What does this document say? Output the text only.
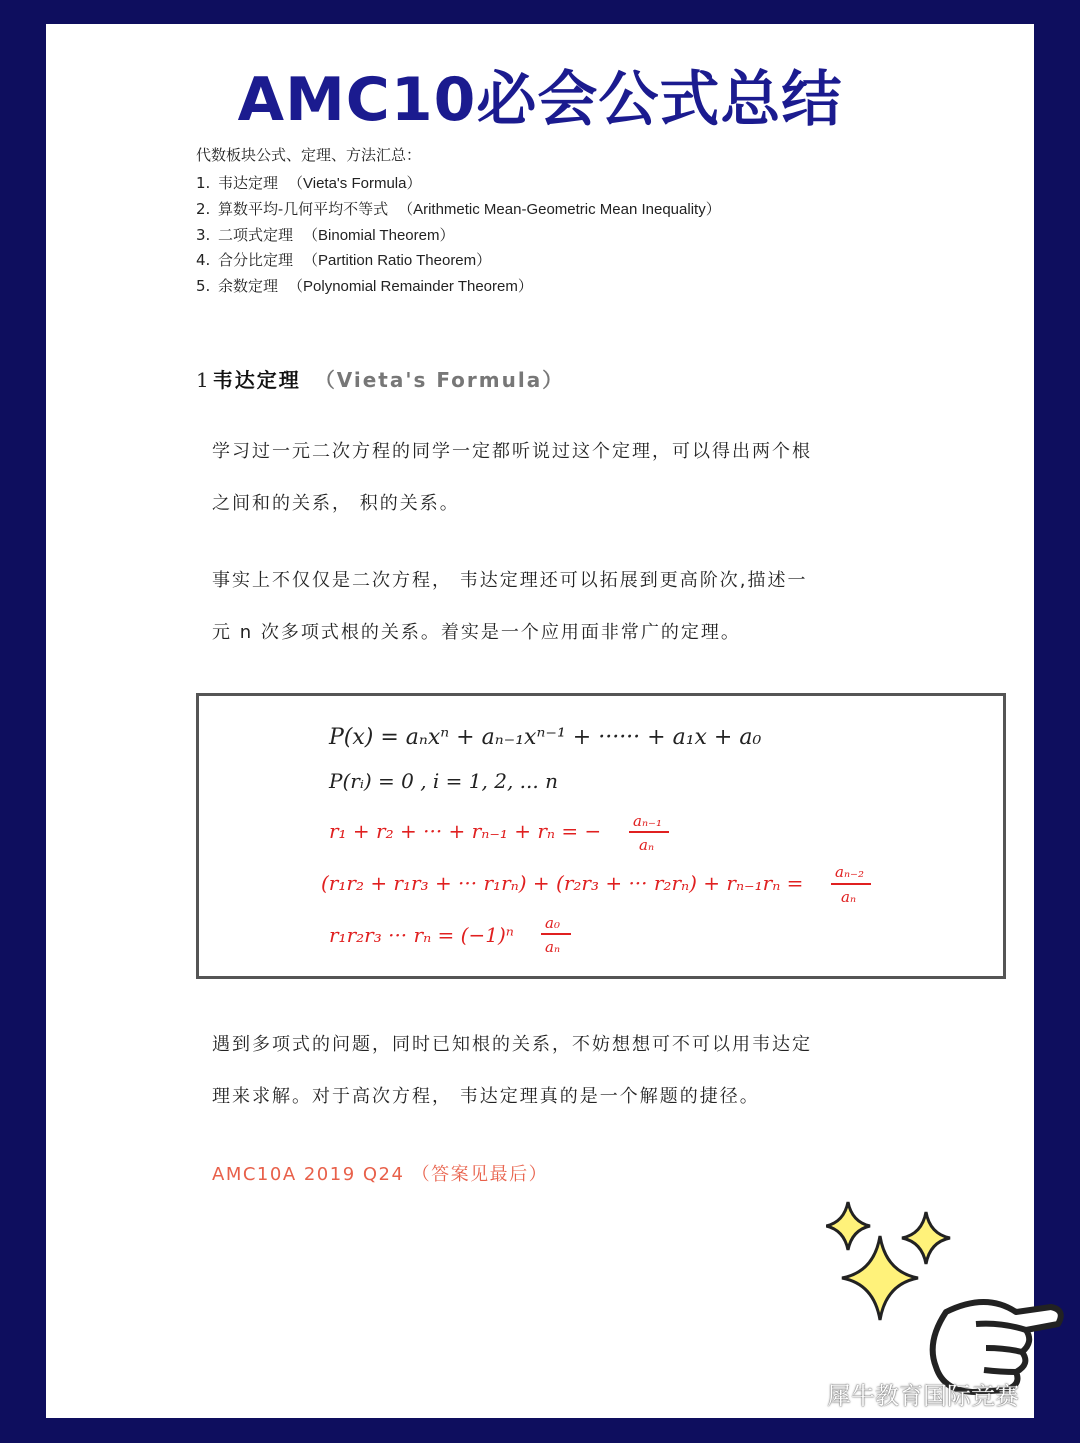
AMC10必会公式总结
代数板块公式、定理、方法汇总：
1. 韦达定理 （Vieta's Formula）
2. 算数平均-几何平均不等式 （Arithmetic Mean-Geometric Mean Inequality）
3. 二项式定理 （Binomial Theorem）
4. 合分比定理 （Partition Ratio Theorem）
5. 余数定理 （Polynomial Remainder Theorem）
1 韦达定理 （Vieta's Formula）
学习过一元二次方程的同学一定都听说过这个定理，可以得出两个根
之间和的关系， 积的关系。
事实上不仅仅是二次方程， 韦达定理还可以拓展到更高阶次,描述一
元 n 次多项式根的关系。着实是一个应用面非常广的定理。
P(x) = aₙxⁿ + aₙ₋₁xⁿ⁻¹ + ······ + a₁x + a₀
P(rᵢ) = 0 , i = 1, 2, ... n
r₁ + r₂ + ··· + rₙ₋₁ + rₙ = − aₙ₋₁
aₙ
(r₁r₂ + r₁r₃ + ··· r₁rₙ) + (r₂r₃ + ··· r₂rₙ) + rₙ₋₁rₙ = aₙ₋₂
aₙ
r₁r₂r₃ ··· rₙ = (−1)ⁿ a₀
aₙ
遇到多项式的问题，同时已知根的关系，不妨想想可不可以用韦达定
理来求解。对于高次方程， 韦达定理真的是一个解题的捷径。
AMC10A 2019 Q24 （答案见最后）
犀牛教育国际竞赛
